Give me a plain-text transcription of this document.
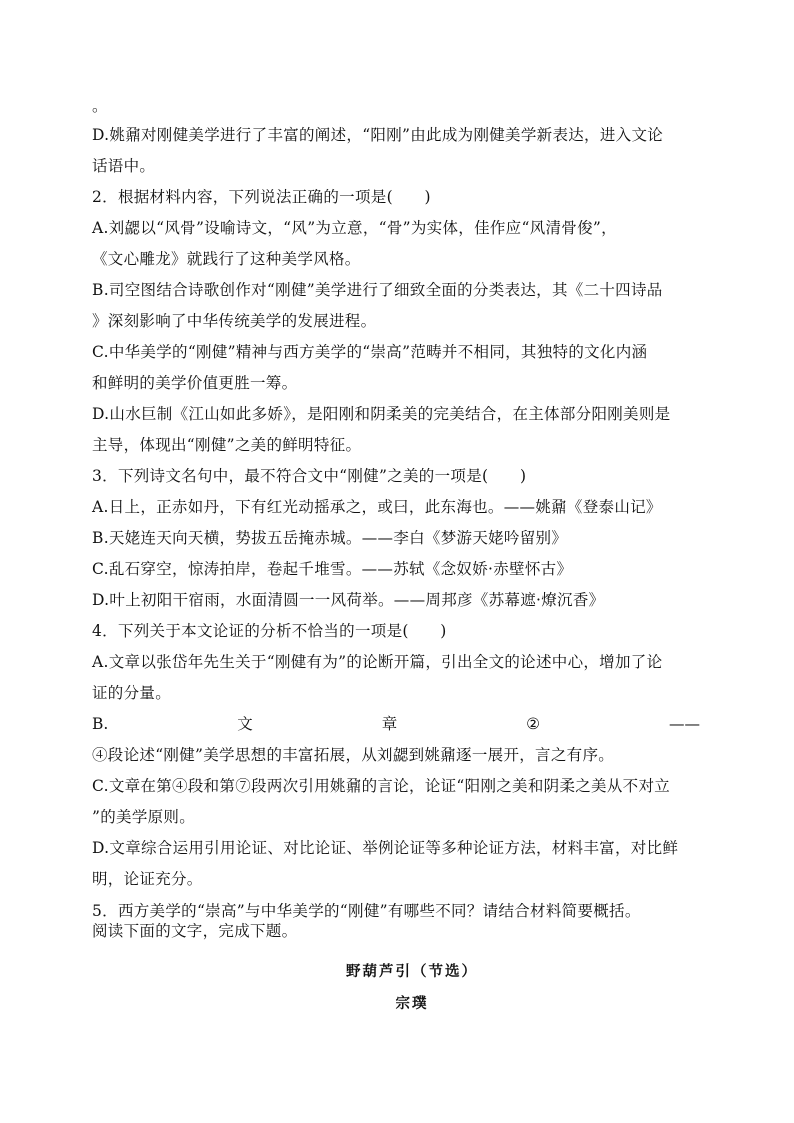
。
D.姚鼐对刚健美学进行了丰富的阐述，“阳刚”由此成为刚健美学新表达，进入文论
话语中。
2．根据材料内容，下列说法正确的一项是(　　)
A.刘勰以“风骨”设喻诗文，“风”为立意，“骨”为实体，佳作应“风清骨俊”，
《文心雕龙》就践行了这种美学风格。
B.司空图结合诗歌创作对“刚健”美学进行了细致全面的分类表达，其《二十四诗品
》深刻影响了中华传统美学的发展进程。
C.中华美学的“刚健”精神与西方美学的“崇高”范畴并不相同，其独特的文化内涵
和鲜明的美学价值更胜一筹。
D.山水巨制《江山如此多娇》，是阳刚和阴柔美的完美结合，在主体部分阳刚美则是
主导，体现出“刚健”之美的鲜明特征。
3．下列诗文名句中，最不符合文中“刚健”之美的一项是(　　)
A.日上，正赤如丹，下有红光动摇承之，或曰，此东海也。——姚鼐《登泰山记》
B.天姥连天向天横，势拔五岳掩赤城。——李白《梦游天姥吟留别》
C.乱石穿空，惊涛拍岸，卷起千堆雪。——苏轼《念奴娇·赤壁怀古》
D.叶上初阳干宿雨，水面清圆一一风荷举。——周邦彦《苏幕遮·燎沉香》
4．下列关于本文论证的分析不恰当的一项是(　　)
A.文章以张岱年先生关于“刚健有为”的论断开篇，引出全文的论述中心，增加了论
证的分量。
B.	文	章	②	——
④段论述“刚健”美学思想的丰富拓展，从刘勰到姚鼐逐一展开，言之有序。
C.文章在第④段和第⑦段两次引用姚鼐的言论，论证“阳刚之美和阴柔之美从不对立
”的美学原则。
D.文章综合运用引用论证、对比论证、举例论证等多种论证方法，材料丰富，对比鲜
明，论证充分。
5．西方美学的“崇高”与中华美学的“刚健”有哪些不同？请结合材料简要概括。
阅读下面的文字，完成下题。
野葫芦引（节选）
宗璞
